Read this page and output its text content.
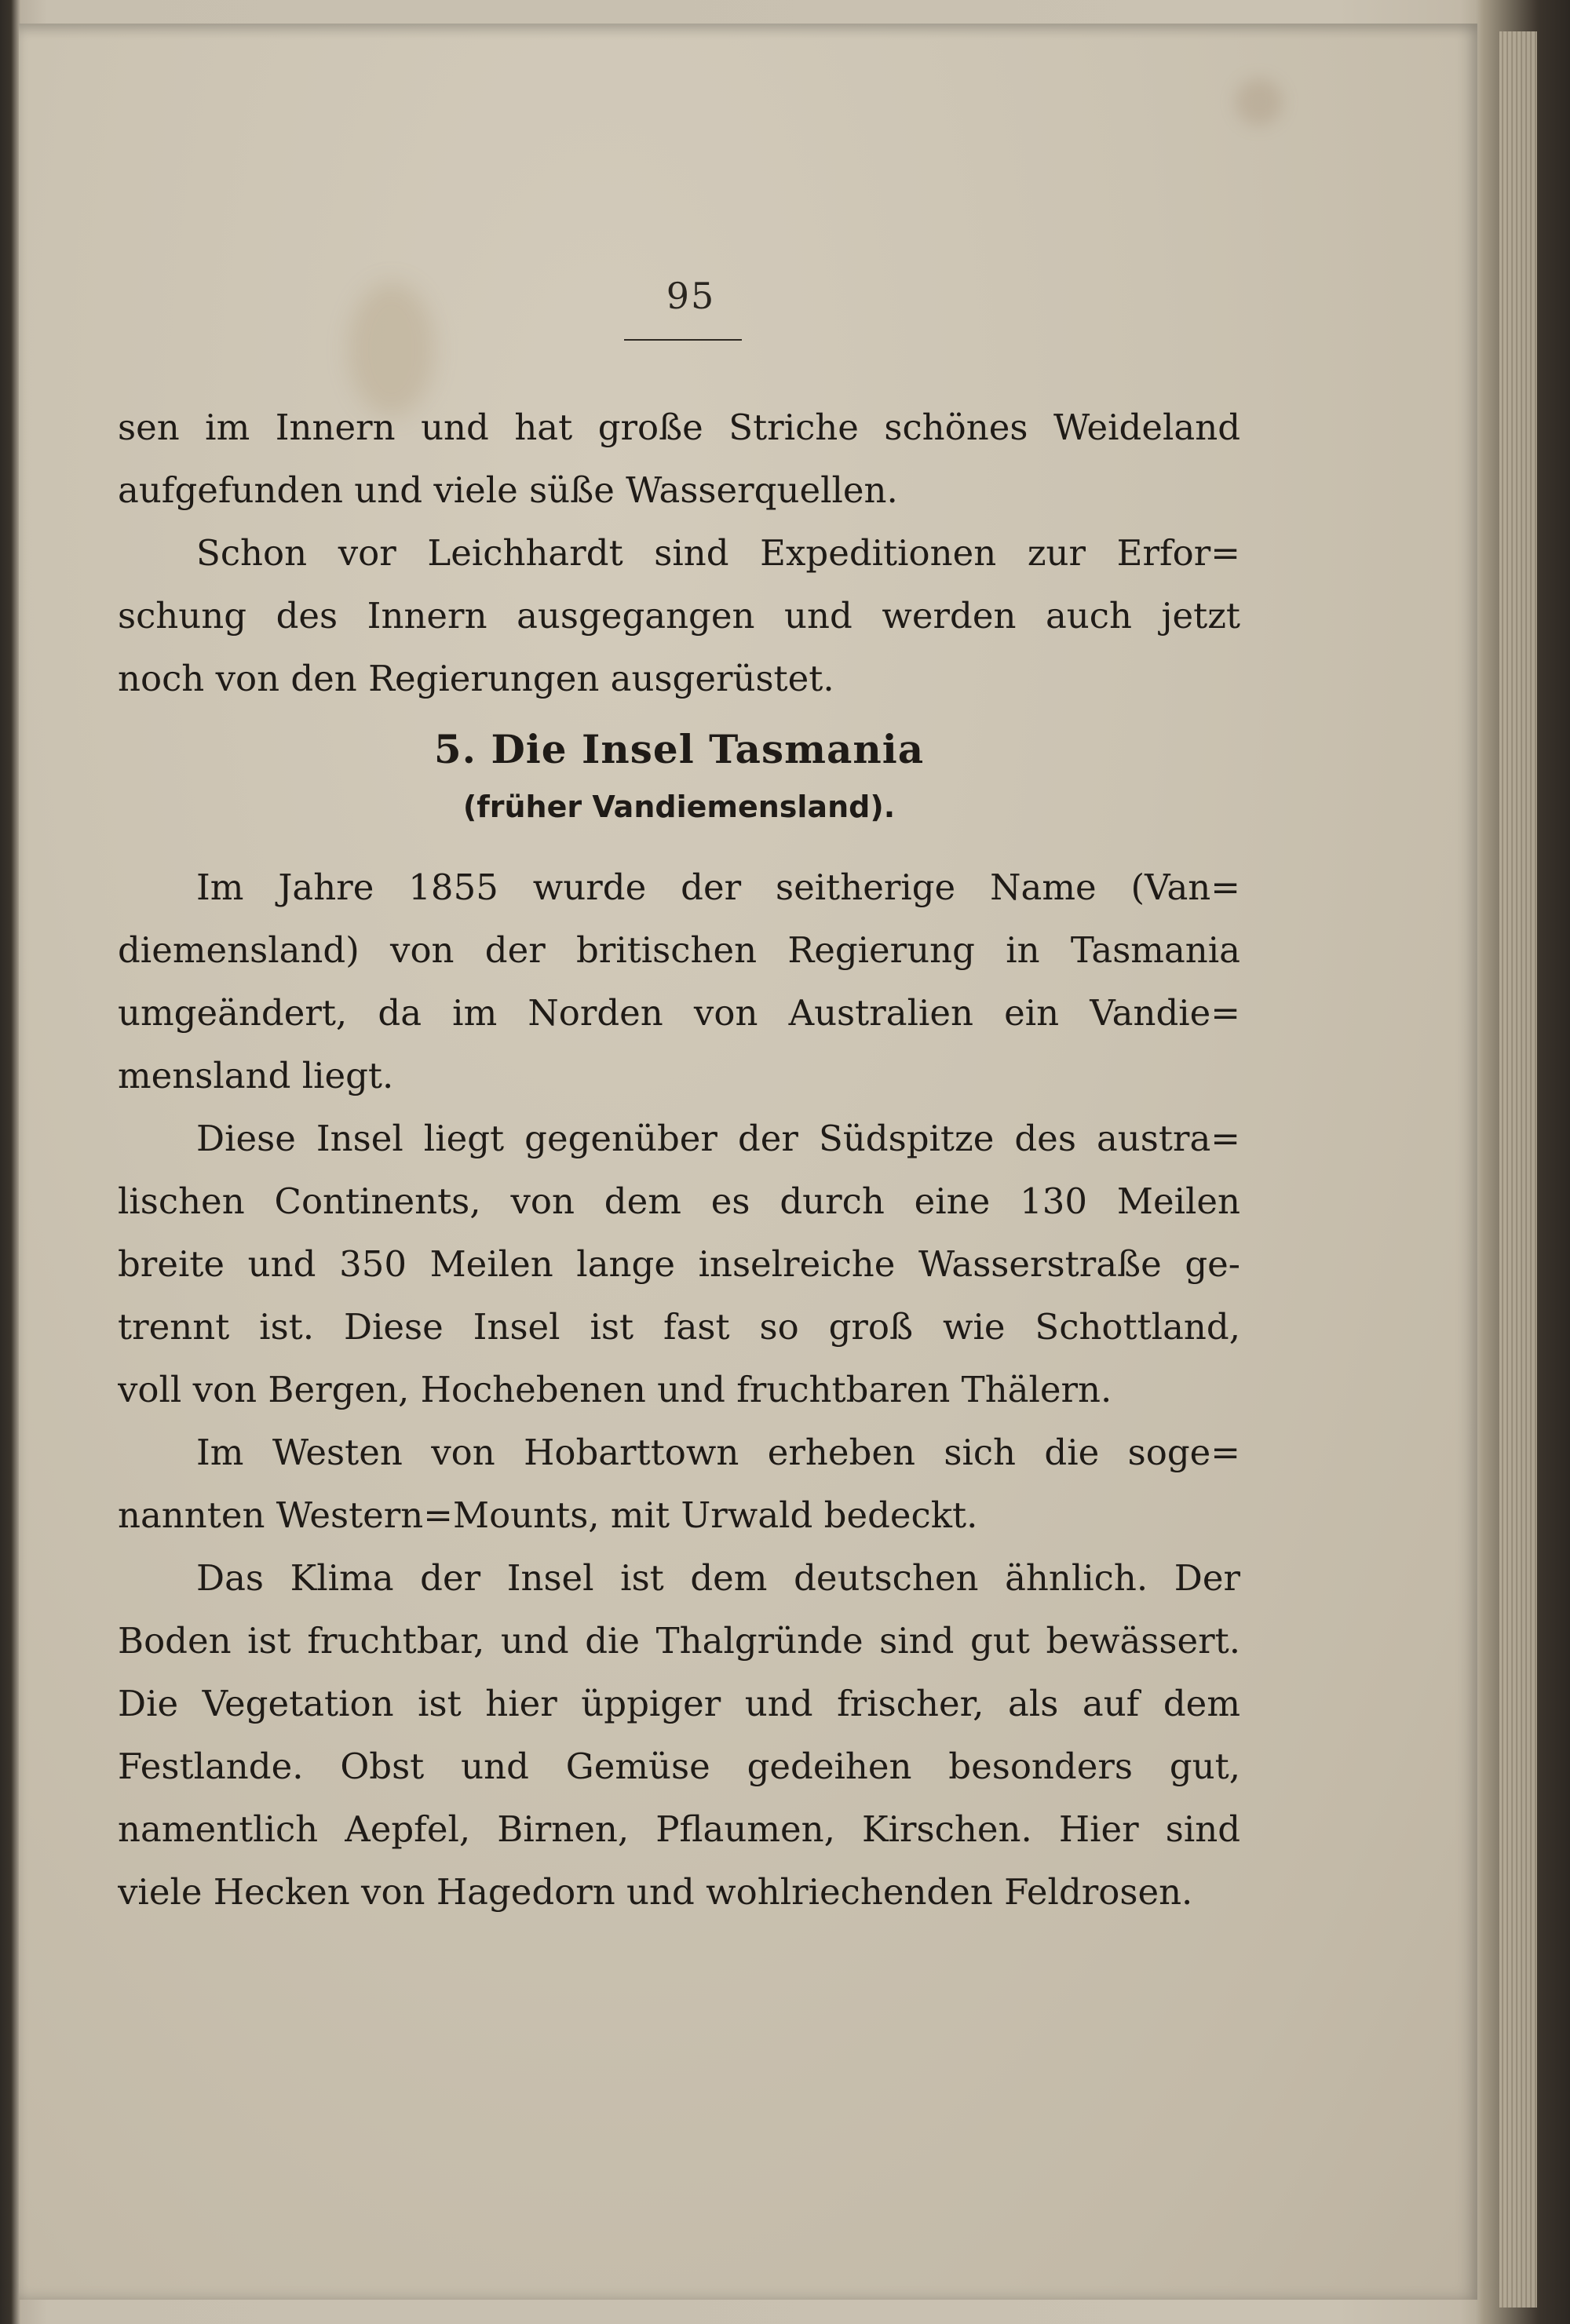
95
sen im Innern und hat große Striche schönes Weideland
aufgefunden und viele süße Wasserquellen.
Schon vor Leichhardt sind Expeditionen zur Erfor=
schung des Innern ausgegangen und werden auch jetzt
noch von den Regierungen ausgerüstet.
5. Die Insel Tasmania
(früher Vandiemensland).
Im Jahre 1855 wurde der seitherige Name (Van=
diemensland) von der britischen Regierung in Tasmania
umgeändert, da im Norden von Australien ein Vandie=
mensland liegt.
Diese Insel liegt gegenüber der Südspitze des austra=
lischen Continents, von dem es durch eine 130 Meilen
breite und 350 Meilen lange inselreiche Wasserstraße ge-
trennt ist. Diese Insel ist fast so groß wie Schottland,
voll von Bergen, Hochebenen und fruchtbaren Thälern.
Im Westen von Hobarttown erheben sich die soge=
nannten Western=Mounts, mit Urwald bedeckt.
Das Klima der Insel ist dem deutschen ähnlich. Der
Boden ist fruchtbar, und die Thalgründe sind gut bewässert.
Die Vegetation ist hier üppiger und frischer, als auf dem
Festlande. Obst und Gemüse gedeihen besonders gut,
namentlich Aepfel, Birnen, Pflaumen, Kirschen. Hier sind
viele Hecken von Hagedorn und wohlriechenden Feldrosen.
